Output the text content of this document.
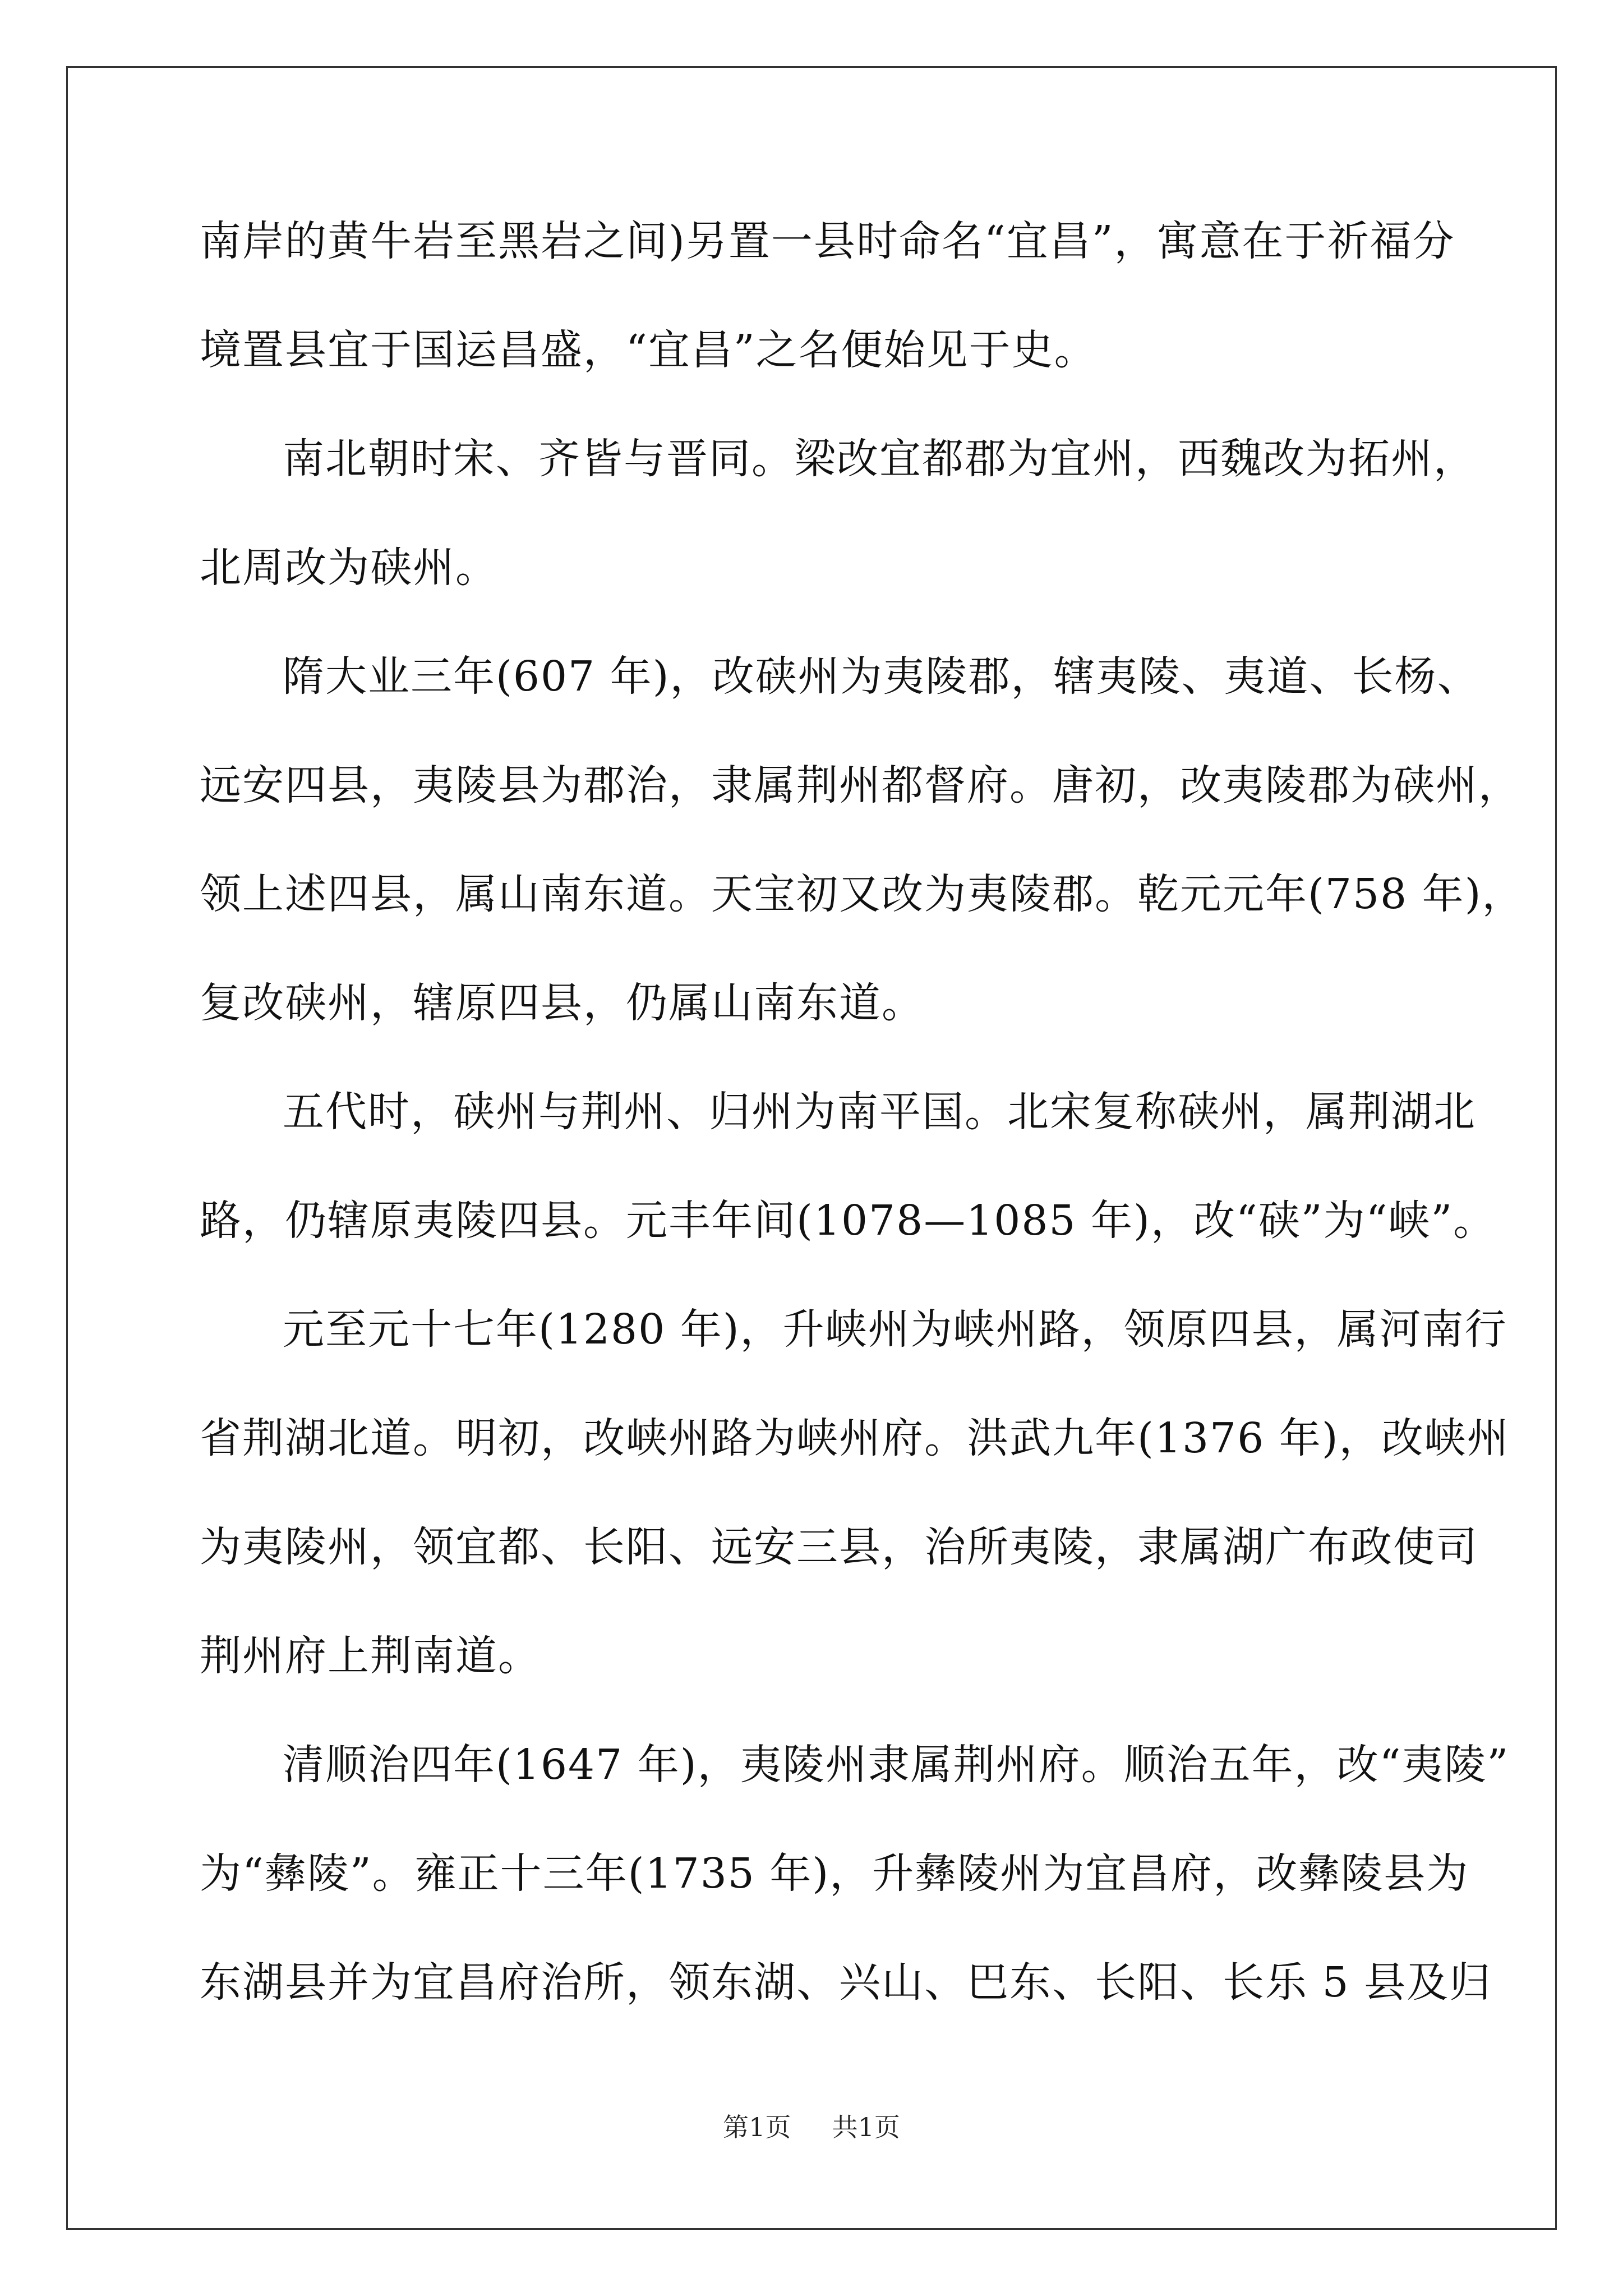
南岸的黄牛岩至黑岩之间)另置一县时命名“宜昌”，寓意在于祈福分
境置县宜于国运昌盛，“宜昌”之名便始见于史。
南北朝时宋、齐皆与晋同。梁改宜都郡为宜州，西魏改为拓州，
北周改为硖州。
隋大业三年(607 年)，改硖州为夷陵郡，辖夷陵、夷道、长杨、
远安四县，夷陵县为郡治，隶属荆州都督府。唐初，改夷陵郡为硖州，
领上述四县，属山南东道。天宝初又改为夷陵郡。乾元元年(758 年)，
复改硖州，辖原四县，仍属山南东道。
五代时，硖州与荆州、归州为南平国。北宋复称硖州，属荆湖北
路，仍辖原夷陵四县。元丰年间(1078—1085 年)，改“硖”为“峡”。
元至元十七年(1280 年)，升峡州为峡州路，领原四县，属河南行
省荆湖北道。明初，改峡州路为峡州府。洪武九年(1376 年)，改峡州
为夷陵州，领宜都、长阳、远安三县，治所夷陵，隶属湖广布政使司
荆州府上荆南道。
清顺治四年(1647 年)，夷陵州隶属荆州府。顺治五年，改“夷陵”
为“彝陵”。雍正十三年(1735 年)，升彝陵州为宜昌府，改彝陵县为
东湖县并为宜昌府治所，领东湖、兴山、巴东、长阳、长乐 5 县及归
第1页 共1页
